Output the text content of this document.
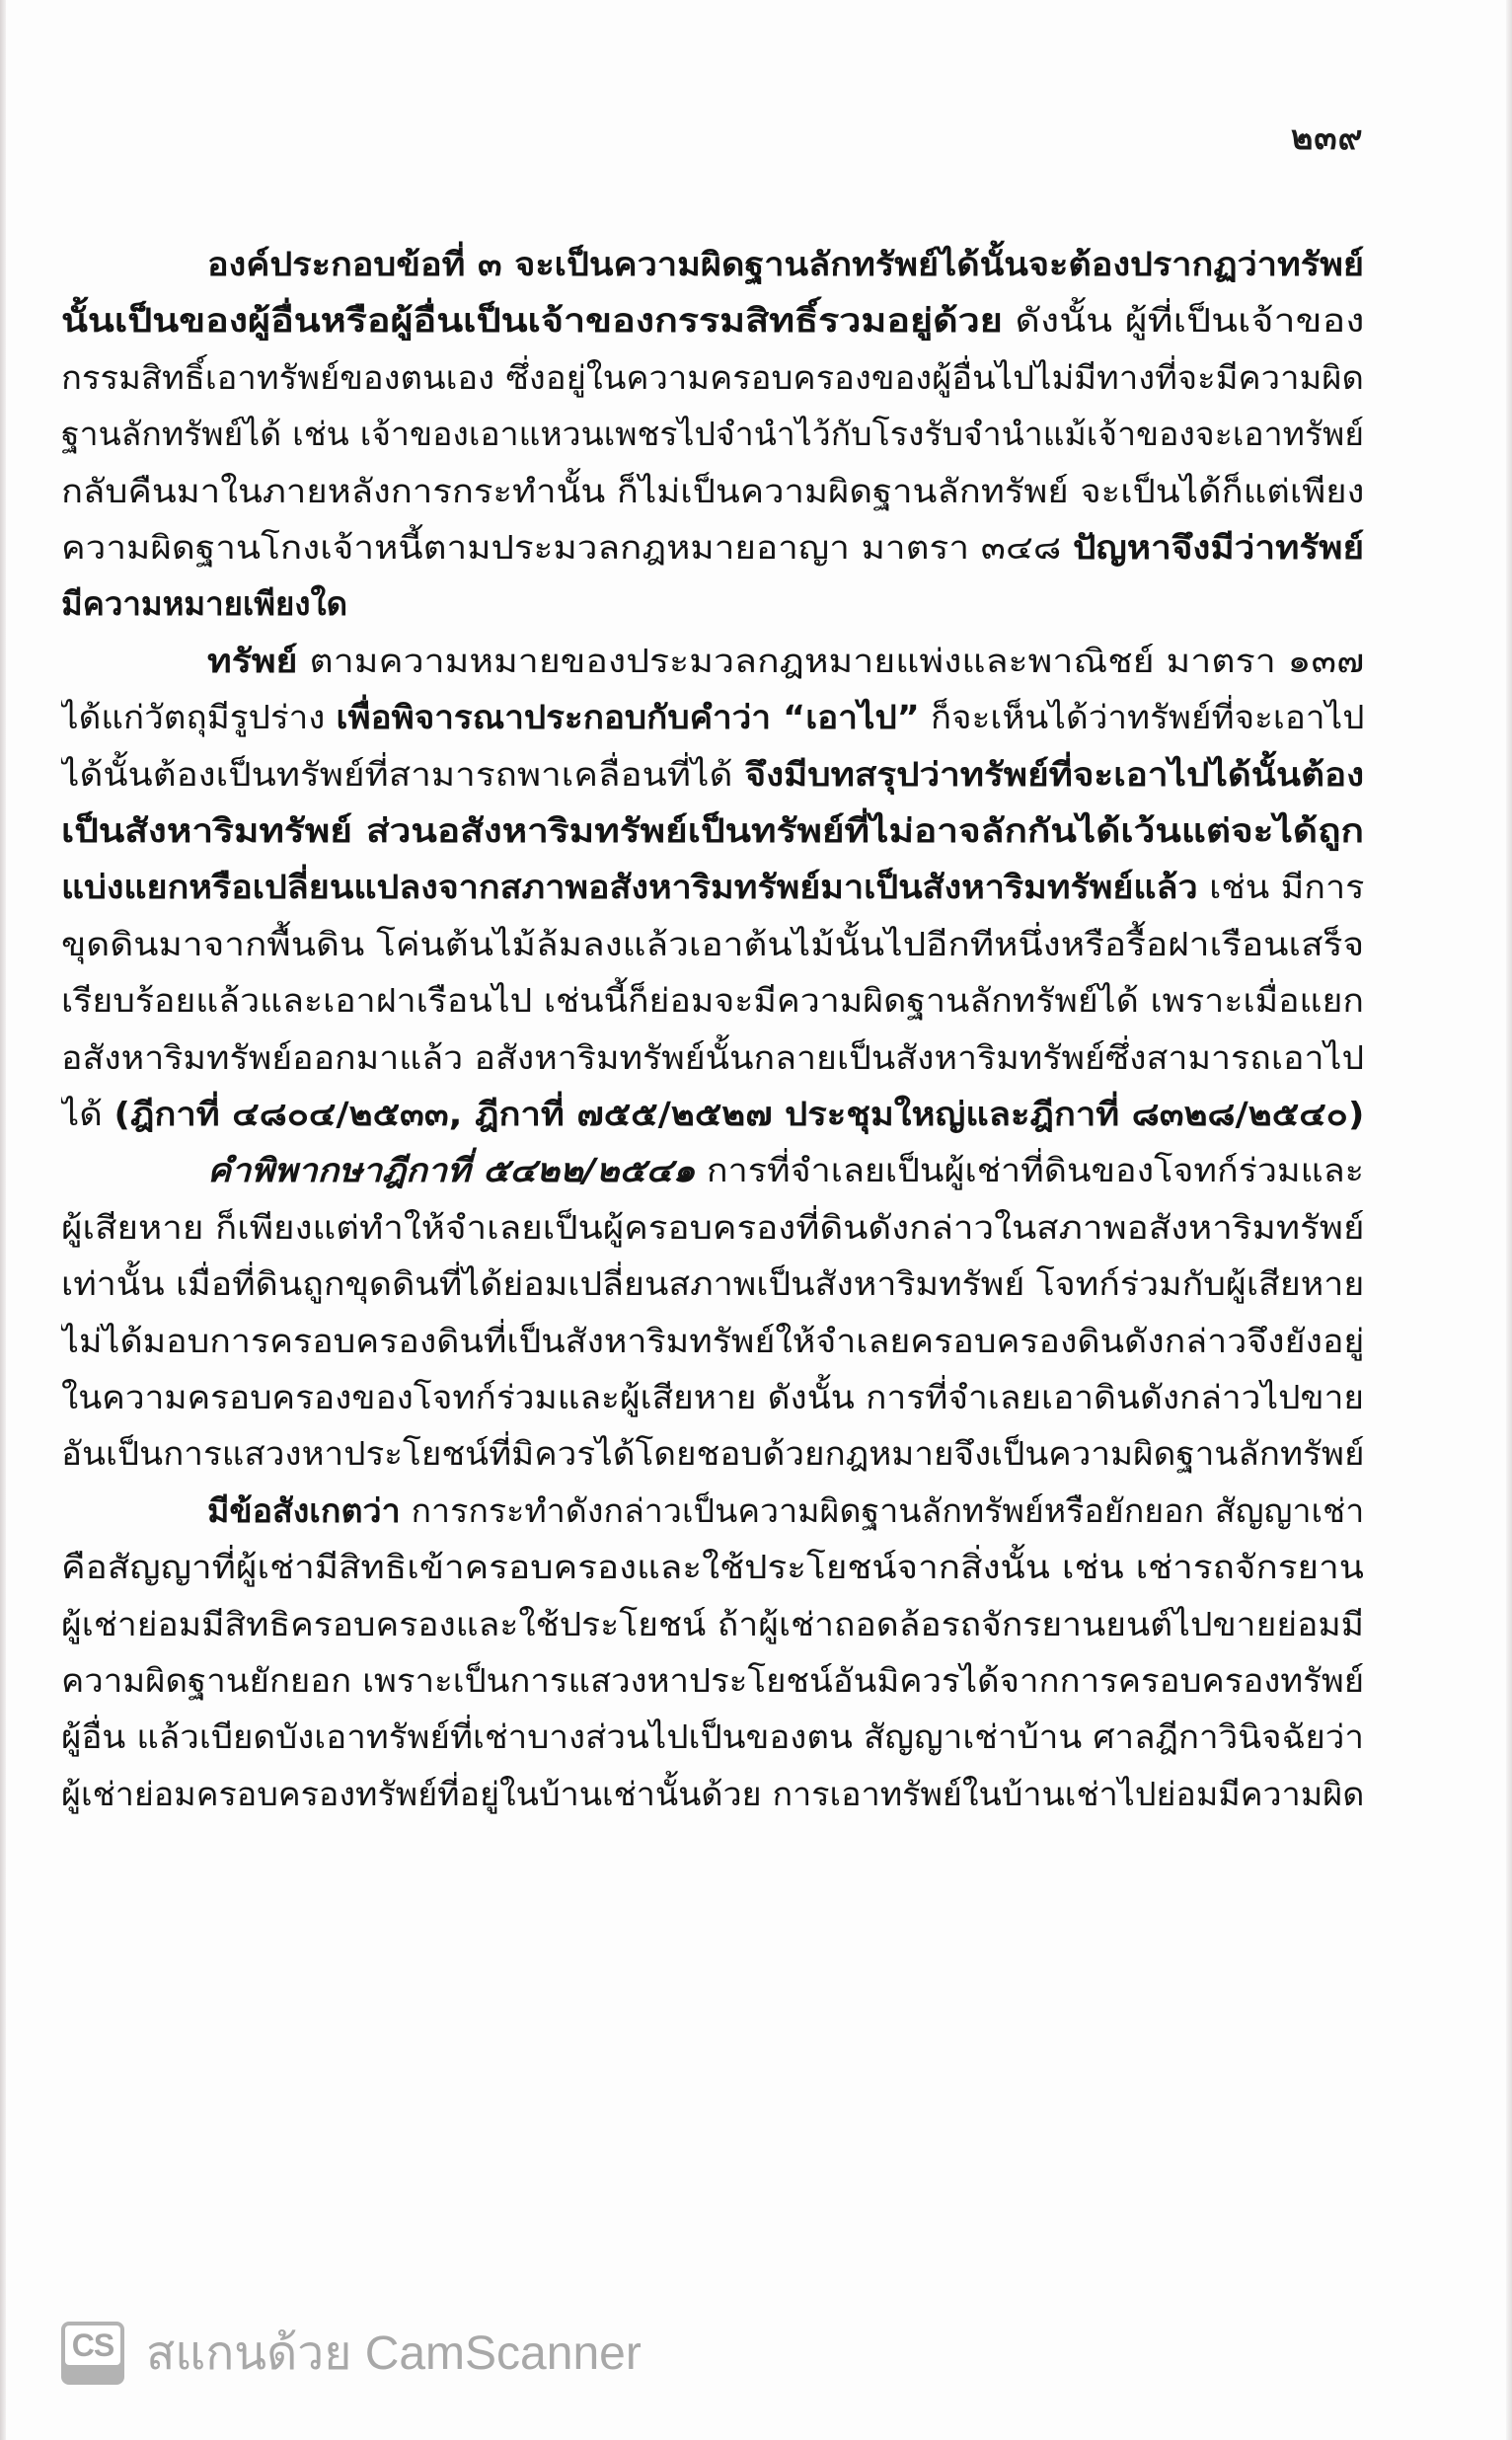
๒๓๙
องค์ประกอบข้อที่ ๓ จะเป็นความผิดฐานลักทรัพย์ได้นั้นจะต้องปรากฏว่าทรัพย์
นั้นเป็นของผู้อื่นหรือผู้อื่นเป็นเจ้าของกรรมสิทธิ์รวมอยู่ด้วย ดังนั้น ผู้ที่เป็นเจ้าของ
กรรมสิทธิ์เอาทรัพย์ของตนเอง ซึ่งอยู่ในความครอบครองของผู้อื่นไปไม่มีทางที่จะมีความผิด
ฐานลักทรัพย์ได้ เช่น เจ้าของเอาแหวนเพชรไปจำนำไว้กับโรงรับจำนำแม้เจ้าของจะเอาทรัพย์
กลับคืนมาในภายหลังการกระทำนั้น ก็ไม่เป็นความผิดฐานลักทรัพย์ จะเป็นได้ก็แต่เพียง
ความผิดฐานโกงเจ้าหนี้ตามประมวลกฎหมายอาญา มาตรา ๓๔๘ ปัญหาจึงมีว่าทรัพย์
มีความหมายเพียงใด
ทรัพย์ ตามความหมายของประมวลกฎหมายแพ่งและพาณิชย์ มาตรา ๑๓๗
ได้แก่วัตถุมีรูปร่าง เพื่อพิจารณาประกอบกับคำว่า “เอาไป” ก็จะเห็นได้ว่าทรัพย์ที่จะเอาไป
ได้นั้นต้องเป็นทรัพย์ที่สามารถพาเคลื่อนที่ได้ จึงมีบทสรุปว่าทรัพย์ที่จะเอาไปได้นั้นต้อง
เป็นสังหาริมทรัพย์ ส่วนอสังหาริมทรัพย์เป็นทรัพย์ที่ไม่อาจลักกันได้เว้นแต่จะได้ถูก
แบ่งแยกหรือเปลี่ยนแปลงจากสภาพอสังหาริมทรัพย์มาเป็นสังหาริมทรัพย์แล้ว เช่น มีการ
ขุดดินมาจากพื้นดิน โค่นต้นไม้ล้มลงแล้วเอาต้นไม้นั้นไปอีกทีหนึ่งหรือรื้อฝาเรือนเสร็จ
เรียบร้อยแล้วและเอาฝาเรือนไป เช่นนี้ก็ย่อมจะมีความผิดฐานลักทรัพย์ได้ เพราะเมื่อแยก
อสังหาริมทรัพย์ออกมาแล้ว อสังหาริมทรัพย์นั้นกลายเป็นสังหาริมทรัพย์ซึ่งสามารถเอาไป
ได้ (ฎีกาที่ ๔๘๐๔/๒๕๓๓, ฎีกาที่ ๗๕๕/๒๕๒๗ ประชุมใหญ่และฎีกาที่ ๘๓๒๘/๒๕๔๐)
คำพิพากษาฎีกาที่ ๕๔๒๒/๒๕๔๑ การที่จำเลยเป็นผู้เช่าที่ดินของโจทก์ร่วมและ
ผู้เสียหาย ก็เพียงแต่ทำให้จำเลยเป็นผู้ครอบครองที่ดินดังกล่าวในสภาพอสังหาริมทรัพย์
เท่านั้น เมื่อที่ดินถูกขุดดินที่ได้ย่อมเปลี่ยนสภาพเป็นสังหาริมทรัพย์ โจทก์ร่วมกับผู้เสียหาย
ไม่ได้มอบการครอบครองดินที่เป็นสังหาริมทรัพย์ให้จำเลยครอบครองดินดังกล่าวจึงยังอยู่
ในความครอบครองของโจทก์ร่วมและผู้เสียหาย ดังนั้น การที่จำเลยเอาดินดังกล่าวไปขาย
อันเป็นการแสวงหาประโยชน์ที่มิควรได้โดยชอบด้วยกฎหมายจึงเป็นความผิดฐานลักทรัพย์
มีข้อสังเกตว่า การกระทำดังกล่าวเป็นความผิดฐานลักทรัพย์หรือยักยอก สัญญาเช่า
คือสัญญาที่ผู้เช่ามีสิทธิเข้าครอบครองและใช้ประโยชน์จากสิ่งนั้น เช่น เช่ารถจักรยาน
ผู้เช่าย่อมมีสิทธิครอบครองและใช้ประโยชน์ ถ้าผู้เช่าถอดล้อรถจักรยานยนต์ไปขายย่อมมี
ความผิดฐานยักยอก เพราะเป็นการแสวงหาประโยชน์อันมิควรได้จากการครอบครองทรัพย์
ผู้อื่น แล้วเบียดบังเอาทรัพย์ที่เช่าบางส่วนไปเป็นของตน สัญญาเช่าบ้าน ศาลฎีกาวินิจฉัยว่า
ผู้เช่าย่อมครอบครองทรัพย์ที่อยู่ในบ้านเช่านั้นด้วย การเอาทรัพย์ในบ้านเช่าไปย่อมมีความผิด
CS สแกนด้วย CamScanner
